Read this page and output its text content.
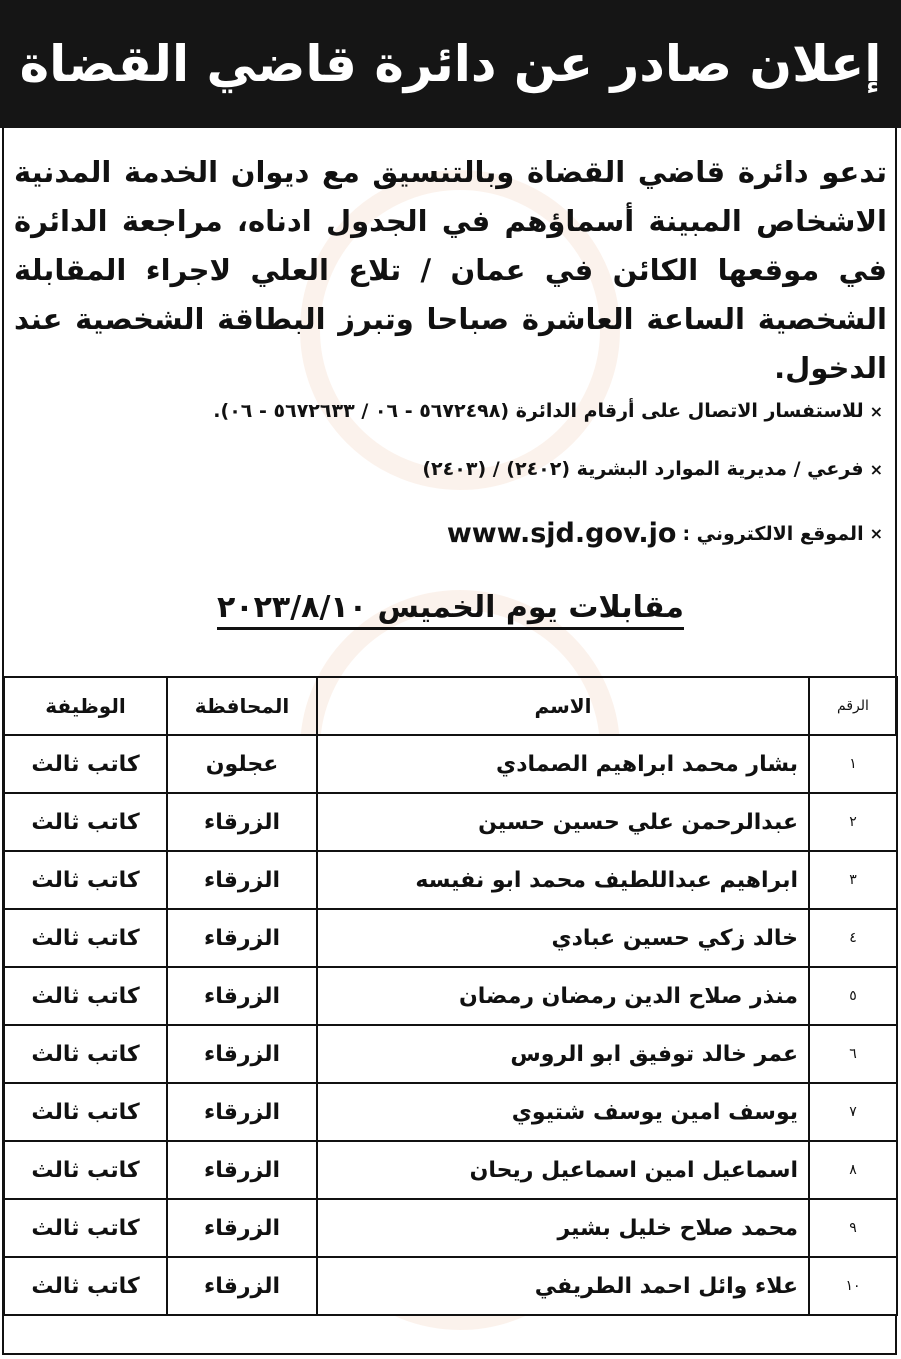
إعلان صادر عن دائرة قاضي القضاة
تدعو دائرة قاضي القضاة وبالتنسيق مع ديوان الخدمة المدنية الاشخاص المبينة أسماؤهم في الجدول ادناه، مراجعة الدائرة في موقعها الكائن في عمان / تلاع العلي لاجراء المقابلة الشخصية الساعة العاشرة صباحا وتبرز البطاقة الشخصية عند الدخول.
×
للاستفسار الاتصال على أرقام الدائرة (٥٦٧٢٤٩٨ - ٠٦ / ٥٦٧٢٦٣٣ - ٠٦).
×
فرعي / مديرية الموارد البشرية (٢٤٠٢) / (٢٤٠٣)
×
الموقع الالكتروني :
www.sjd.gov.jo
مقابلات يوم الخميس ٢٠٢٣/٨/١٠
الرقم	الاسم	المحافظة	الوظيفة
١	بشار محمد ابراهيم الصمادي	عجلون	كاتب ثالث
٢	عبدالرحمن علي حسين حسين	الزرقاء	كاتب ثالث
٣	ابراهيم عبداللطيف محمد ابو نفيسه	الزرقاء	كاتب ثالث
٤	خالد زكي حسين عبادي	الزرقاء	كاتب ثالث
٥	منذر صلاح الدين رمضان رمضان	الزرقاء	كاتب ثالث
٦	عمر خالد توفيق ابو الروس	الزرقاء	كاتب ثالث
٧	يوسف امين يوسف شتيوي	الزرقاء	كاتب ثالث
٨	اسماعيل امين اسماعيل ريحان	الزرقاء	كاتب ثالث
٩	محمد صلاح خليل بشير	الزرقاء	كاتب ثالث
١٠	علاء وائل احمد الطريفي	الزرقاء	كاتب ثالث
